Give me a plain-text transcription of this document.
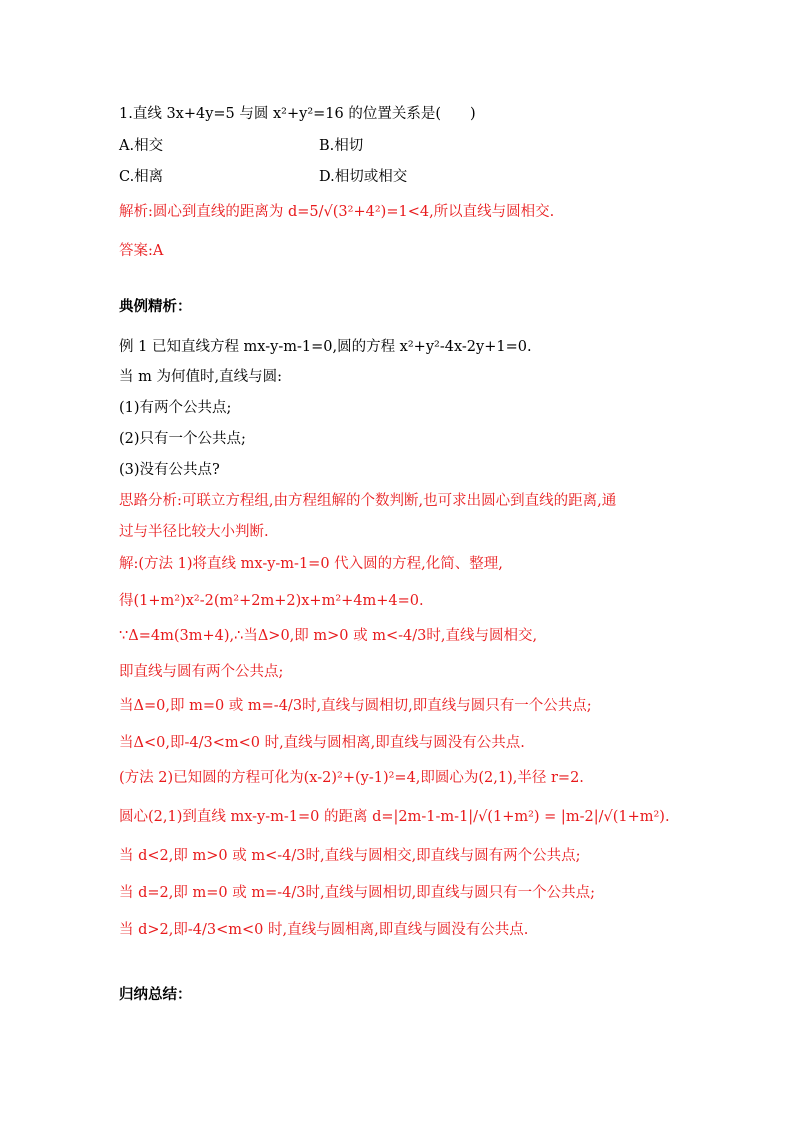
1.直线 3x+4y=5 与圆 x²+y²=16 的位置关系是(　　)
A.相交	B.相切
C.相离	D.相切或相交
解析:圆心到直线的距离为 d=5/√(3²+4²)=1<4,所以直线与圆相交.
答案:A
典例精析：
例 1 已知直线方程 mx-y-m-1=0,圆的方程 x²+y²-4x-2y+1=0.
当 m 为何值时,直线与圆:
(1)有两个公共点;
(2)只有一个公共点;
(3)没有公共点?
思路分析:可联立方程组,由方程组解的个数判断,也可求出圆心到直线的距离,通
过与半径比较大小判断.
解:(方法 1)将直线 mx-y-m-1=0 代入圆的方程,化简、整理,
得(1+m²)x²-2(m²+2m+2)x+m²+4m+4=0.
∵Δ=4m(3m+4),∴当Δ>0,即 m>0 或 m<-4/3时,直线与圆相交,
即直线与圆有两个公共点;
当Δ=0,即 m=0 或 m=-4/3时,直线与圆相切,即直线与圆只有一个公共点;
当Δ<0,即-4/3<m<0 时,直线与圆相离,即直线与圆没有公共点.
(方法 2)已知圆的方程可化为(x-2)²+(y-1)²=4,即圆心为(2,1),半径 r=2.
圆心(2,1)到直线 mx-y-m-1=0 的距离 d=|2m-1-m-1|/√(1+m²) = |m-2|/√(1+m²).
当 d<2,即 m>0 或 m<-4/3时,直线与圆相交,即直线与圆有两个公共点;
当 d=2,即 m=0 或 m=-4/3时,直线与圆相切,即直线与圆只有一个公共点;
当 d>2,即-4/3<m<0 时,直线与圆相离,即直线与圆没有公共点.
归纳总结：
